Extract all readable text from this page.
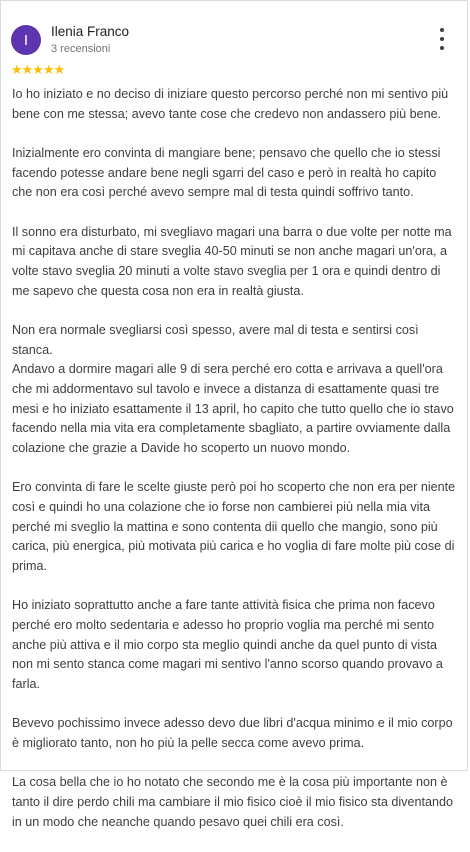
I	Ilenia Franco
3 recensioni
★★★★★

Io ho iniziato e no deciso di iniziare questo percorso perché non mi sentivo più bene con me stessa; avevo tante cose che credevo non andassero più bene.

Inizialmente ero convinta di mangiare bene; pensavo che quello che io stessi facendo potesse andare bene negli sgarri del caso e però in realtà ho capito che non era così perché avevo sempre mal di testa quindi soffrivo tanto.

Il sonno era disturbato, mi svegliavo magari una barra o due volte per notte ma mi capitava anche di stare sveglia 40-50 minuti se non anche magari un'ora, a volte stavo sveglia 20 minuti a volte stavo sveglia per 1 ora e quindi dentro di me sapevo che questa cosa non era in realtà giusta.

Non era normale svegliarsi così spesso, avere mal di testa e sentirsi così stanca.
Andavo a dormire magari alle 9 di sera perché ero cotta e arrivava a quell'ora che mi addormentavo sul tavolo e invece a distanza di esattamente quasi tre mesi e ho iniziato esattamente il 13 april, ho capito che tutto quello che io stavo facendo nella mia vita era completamente sbagliato, a partire ovviamente dalla colazione che grazie a Davide ho scoperto un nuovo mondo.

Ero convinta di fare le scelte giuste però poi ho scoperto che non era per niente così e quindi ho una colazione che io forse non cambierei più nella mia vita perché mi sveglio la mattina e sono contenta dii quello che mangio, sono più carica, più energica, più motivata più carica e ho voglia di fare molte più cose di prima.

Ho iniziato soprattutto anche a fare tante attività fisica che prima non facevo perché ero molto sedentaria e adesso ho proprio voglia ma perché mi sento anche più attiva e il mio corpo sta meglio quindi anche da quel punto di vista non mi sento stanca come magari mi sentivo l'anno scorso quando provavo a farla.

Bevevo pochissimo invece adesso devo due libri d'acqua minimo e il mio corpo è migliorato tanto, non ho più la pelle secca come avevo prima.

La cosa bella che io ho notato che secondo me è la cosa più importante non è tanto il dire perdo chili ma cambiare il mio fisico cioè il mio fisico sta diventando in un modo che neanche quando pesavo quei chili era così.
